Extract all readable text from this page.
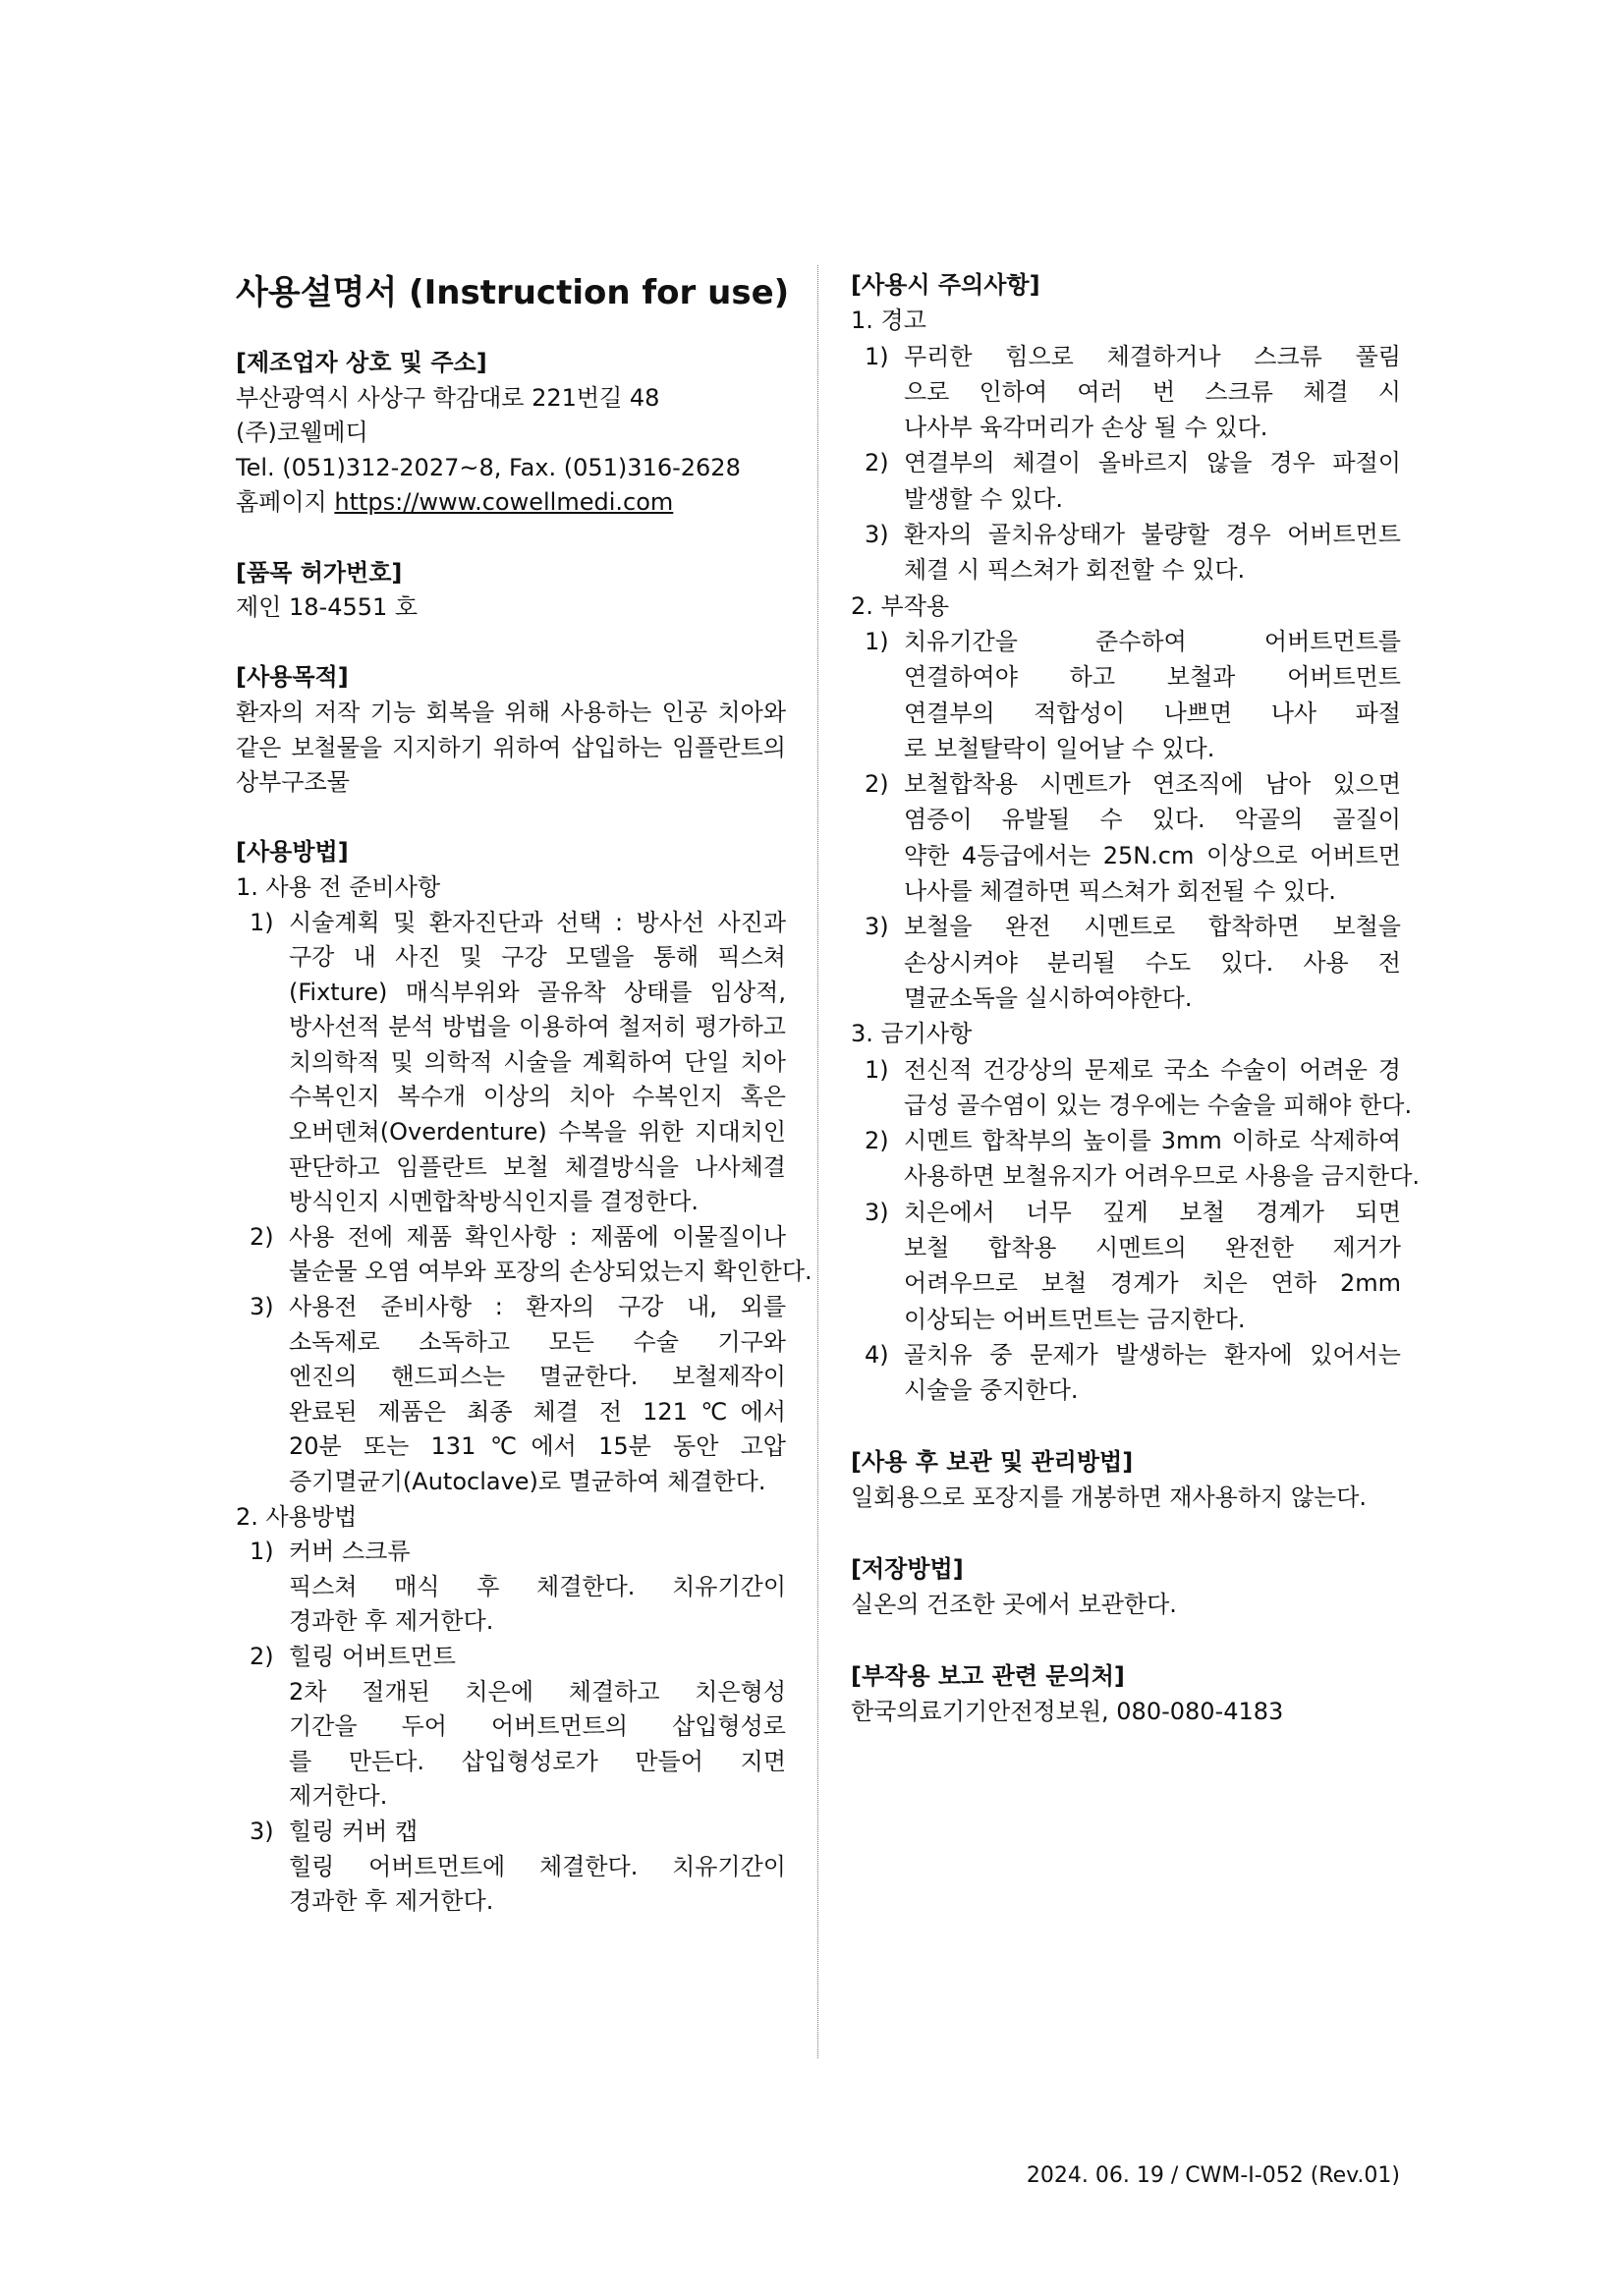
사용설명서 (Instruction for use)
[제조업자 상호 및 주소]
부산광역시 사상구 학감대로 221번길 48
(주)코웰메디
Tel. (051)312-2027~8, Fax. (051)316-2628
홈페이지 https://www.cowellmedi.com
[품목 허가번호]
제인 18-4551 호
[사용목적]
환자의 저작 기능 회복을 위해 사용하는 인공 치아와
같은 보철물을 지지하기 위하여 삽입하는 임플란트의
상부구조물
[사용방법]
1. 사용 전 준비사항
1) 시술계획 및 환자진단과 선택 : 방사선 사진과
구강 내 사진 및 구강 모델을 통해 픽스쳐
(Fixture) 매식부위와 골유착 상태를 임상적,
방사선적 분석 방법을 이용하여 철저히 평가하고
치의학적 및 의학적 시술을 계획하여 단일 치아
수복인지 복수개 이상의 치아 수복인지 혹은
오버덴쳐(Overdenture) 수복을 위한 지대치인
판단하고 임플란트 보철 체결방식을 나사체결
방식인지 시멘합착방식인지를 결정한다.
2) 사용 전에 제품 확인사항 : 제품에 이물질이나
불순물 오염 여부와 포장의 손상되었는지 확인한다.
3) 사용전 준비사항 : 환자의 구강 내, 외를
소독제로 소독하고 모든 수술 기구와
엔진의 핸드피스는 멸균한다. 보철제작이
완료된 제품은 최종 체결 전 121℃에서
20분 또는 131℃에서 15분 동안 고압
증기멸균기(Autoclave)로 멸균하여 체결한다.
2. 사용방법
1) 커버 스크류
픽스쳐 매식 후 체결한다. 치유기간이
경과한 후 제거한다.
2) 힐링 어버트먼트
2차 절개된 치은에 체결하고 치은형성
기간을 두어 어버트먼트의 삽입형성로
를 만든다. 삽입형성로가 만들어 지면
제거한다.
3) 힐링 커버 캡
힐링 어버트먼트에 체결한다. 치유기간이
경과한 후 제거한다.
[사용시 주의사항]
1. 경고
1) 무리한 힘으로 체결하거나 스크류 풀림
으로 인하여 여러 번 스크류 체결 시
나사부 육각머리가 손상 될 수 있다.
2) 연결부의 체결이 올바르지 않을 경우 파절이
발생할 수 있다.
3) 환자의 골치유상태가 불량할 경우 어버트먼트
체결 시 픽스쳐가 회전할 수 있다.
2. 부작용
1) 치유기간을 준수하여 어버트먼트를
연결하여야 하고 보철과 어버트먼트
연결부의 적합성이 나쁘면 나사 파절
로 보철탈락이 일어날 수 있다.
2) 보철합착용 시멘트가 연조직에 남아 있으면
염증이 유발될 수 있다. 악골의 골질이
약한 4등급에서는 25N.cm 이상으로 어버트먼
나사를 체결하면 픽스쳐가 회전될 수 있다.
3) 보철을 완전 시멘트로 합착하면 보철을
손상시켜야 분리될 수도 있다. 사용 전
멸균소독을 실시하여야한다.
3. 금기사항
1) 전신적 건강상의 문제로 국소 수술이 어려운 경
급성 골수염이 있는 경우에는 수술을 피해야 한다.
2) 시멘트 합착부의 높이를 3mm 이하로 삭제하여
사용하면 보철유지가 어려우므로 사용을 금지한다.
3) 치은에서 너무 깊게 보철 경계가 되면
보철 합착용 시멘트의 완전한 제거가
어려우므로 보철 경계가 치은 연하 2mm
이상되는 어버트먼트는 금지한다.
4) 골치유 중 문제가 발생하는 환자에 있어서는
시술을 중지한다.
[사용 후 보관 및 관리방법]
일회용으로 포장지를 개봉하면 재사용하지 않는다.
[저장방법]
실온의 건조한 곳에서 보관한다.
[부작용 보고 관련 문의처]
한국의료기기안전정보원, 080-080-4183
2024. 06. 19 / CWM-I-052 (Rev.01)
